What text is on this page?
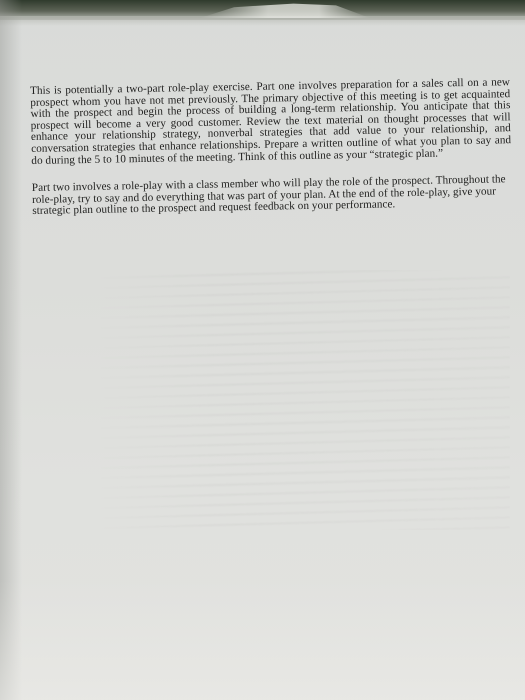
This is potentially a two-part role-play exercise. Part one involves preparation for a sales call on a new prospect whom you have not met previously. The primary objective of this meeting is to get acquainted with the prospect and begin the process of building a long-term relationship. You anticipate that this prospect will become a very good customer. Review the text material on thought processes that will enhance your relationship strategy, nonverbal strategies that add value to your relationship, and conversation strategies that enhance relationships. Prepare a written outline of what you plan to say and do during the 5 to 10 minutes of the meeting. Think of this outline as your “strategic plan.”

Part two involves a role-play with a class member who will play the role of the prospect. Throughout the role-play, try to say and do everything that was part of your plan. At the end of the role-play, give your strategic plan outline to the prospect and request feedback on your performance.
